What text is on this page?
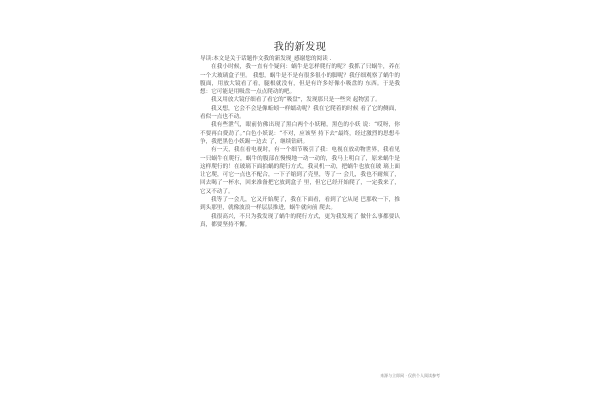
我的新发现

导读:本文是关于话题作文我的新发现_感谢您的阅读 .

在我小时候，我一直有个疑问：蜗牛是怎样爬行的呢？我抓了只蜗牛，养在一个大玻璃盒子里。 我想，蜗牛是不是有很多很小的脚呢？我仔细观察了蜗牛的 腹面，用放大镜看了看，腿根就没有，但是有许多好像小吸盘的 东西。于是我想：它可能是用吸盘一点点爬动的吧。

我又用放大镜仔细看了看它的“吸盘”，发现那只是一些突 起物罢了。

我又想，它会不会是像蚯蚓一样蠕动呢？我在它爬着的时候 看了它的侧面，看似一点也不动。

我有些泄气，眼前仿佛出现了黑白两个小妖精，黑色的小妖 说：“哎呀，你不要再白费劲了。”白色小妖说：“不对，应该坚 持下去”最终，经过激烈的思想斗争，我把黑色小妖踢一边去 了，继续钻研。

有一天，我在看电视时，有一个细节吸引了我：电视在放动物世界，我看见一只蜗牛在爬行，蜗牛的腹部在慢慢地一动一动的，我马上明白了，原来蜗牛是这样爬行的！在玻璃下面拍蜗的爬行方式，我灵机一动，把蜗牛也放在玻 璃上面让它爬，可它一点也不配合，一下子缩到了壳里，等了一 会儿，我也不耐烦了，回去喝了一杯水，回来准备把它放到盒子 里，但它已经开始爬了，一定我来了，它又不动了。

我等了一会儿，它又开始爬了，我在下面看，看到了它从尾 巴那收一下，推到头那里，就像波浪一样层层推进，蜗牛就向前 爬去。

我很高兴，不只为我发现了蜗牛的爬行方式，更为我发现了 做什么事都要认真，都要坚持不懈。

来源与立即网 · 仅供个人阅读参考
